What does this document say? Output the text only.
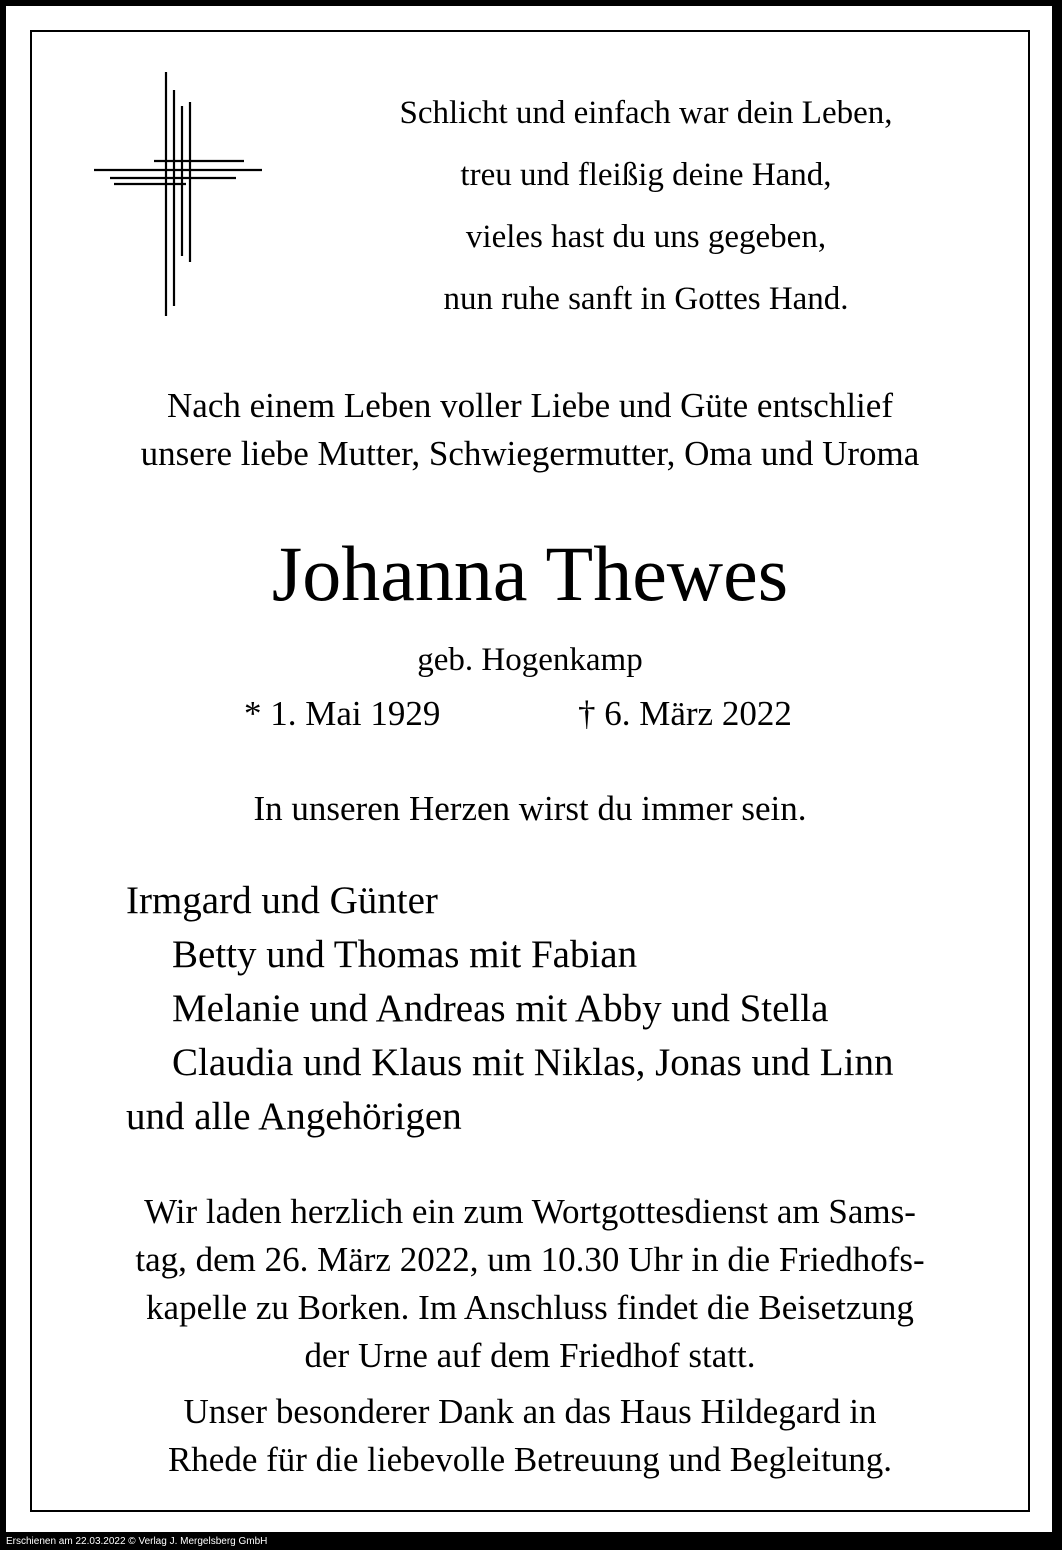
Schlicht und einfach war dein Leben,
treu und fleißig deine Hand,
vieles hast du uns gegeben,
nun ruhe sanft in Gottes Hand.
Nach einem Leben voller Liebe und Güte entschlief
unsere liebe Mutter, Schwiegermutter, Oma und Uroma
Johanna Thewes
geb. Hogenkamp
* 1. Mai 1929	† 6. März 2022
In unseren Herzen wirst du immer sein.
Irmgard und Günter
Betty und Thomas mit Fabian
Melanie und Andreas mit Abby und Stella
Claudia und Klaus mit Niklas, Jonas und Linn
und alle Angehörigen
Wir laden herzlich ein zum Wortgottesdienst am Sams-
tag, dem 26. März 2022, um 10.30 Uhr in die Friedhofs-
kapelle zu Borken. Im Anschluss findet die Beisetzung
der Urne auf dem Friedhof statt.
Unser besonderer Dank an das Haus Hildegard in
Rhede für die liebevolle Betreuung und Begleitung.
Erschienen am 22.03.2022 © Verlag J. Mergelsberg GmbH
